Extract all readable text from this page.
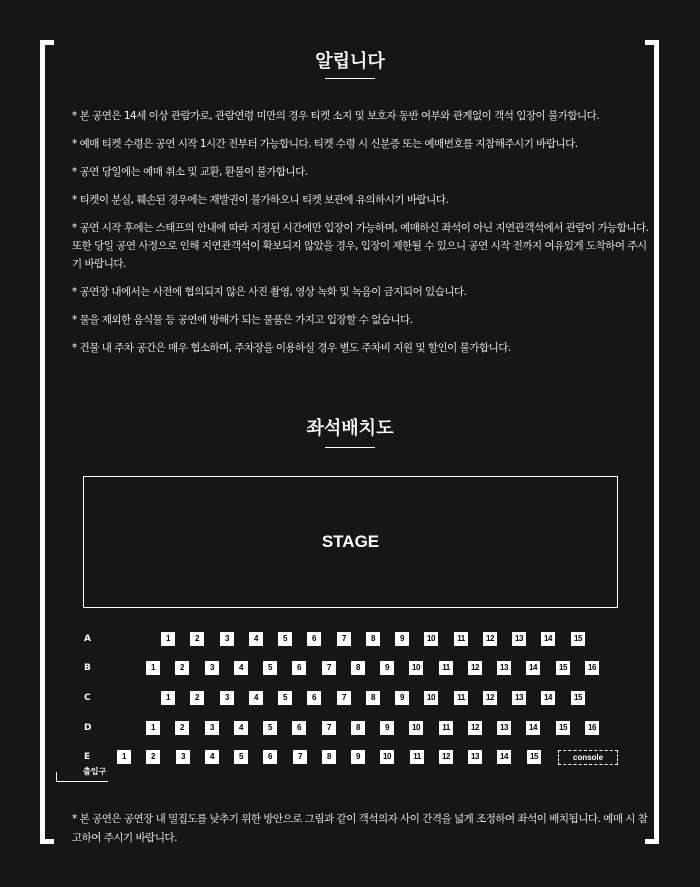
알립니다
* 본 공연은 14세 이상 관람가로, 관람연령 미만의 경우 티켓 소지 및 보호자 동반 여부와 관계없이 객석 입장이 불가합니다.
* 예매 티켓 수령은 공연 시작 1시간 전부터 가능합니다. 티켓 수령 시 신분증 또는 예매번호를 지참해주시기 바랍니다.
* 공연 당일에는 예매 취소 및 교환, 환불이 불가합니다.
* 티켓이 분실, 훼손된 경우에는 재발권이 불가하오니 티켓 보관에 유의하시기 바랍니다.
* 공연 시작 후에는 스태프의 안내에 따라 지정된 시간에만 입장이 가능하며, 예매하신 좌석이 아닌 지연관객석에서 관람이 가능합니다. 또한 당일 공연 사정으로 인해 지연관객석이 확보되지 않았을 경우, 입장이 제한될 수 있으니 공연 시작 전까지 여유있게 도착하여 주시기 바랍니다.
* 공연장 내에서는 사전에 협의되지 않은 사진 촬영, 영상 녹화 및 녹음이 금지되어 있습니다.
* 물을 제외한 음식물 등 공연에 방해가 되는 물품은 가지고 입장할 수 없습니다.
* 건물 내 주차 공간은 매우 협소하며, 주차장을 이용하실 경우 별도 주차비 지원 및 할인이 불가합니다.
좌석배치도
STAGE
A	1	2	3	4	5	6	7	8	9	10	11	12	13	14	15
B	1	2	3	4	5	6	7	8	9	10	11	12	13	14	15	16
C	1	2	3	4	5	6	7	8	9	10	11	12	13	14	15
D	1	2	3	4	5	6	7	8	9	10	11	12	13	14	15	16
E	1	2	3	4	5	6	7	8	9	10	11	12	13	14	15	console
출입구
* 본 공연은 공연장 내 밀집도를 낮추기 위한 방안으로 그림과 같이 객석의자 사이 간격을 넓게 조정하여 좌석이 배치됩니다. 예매 시 참고하여 주시기 바랍니다.
